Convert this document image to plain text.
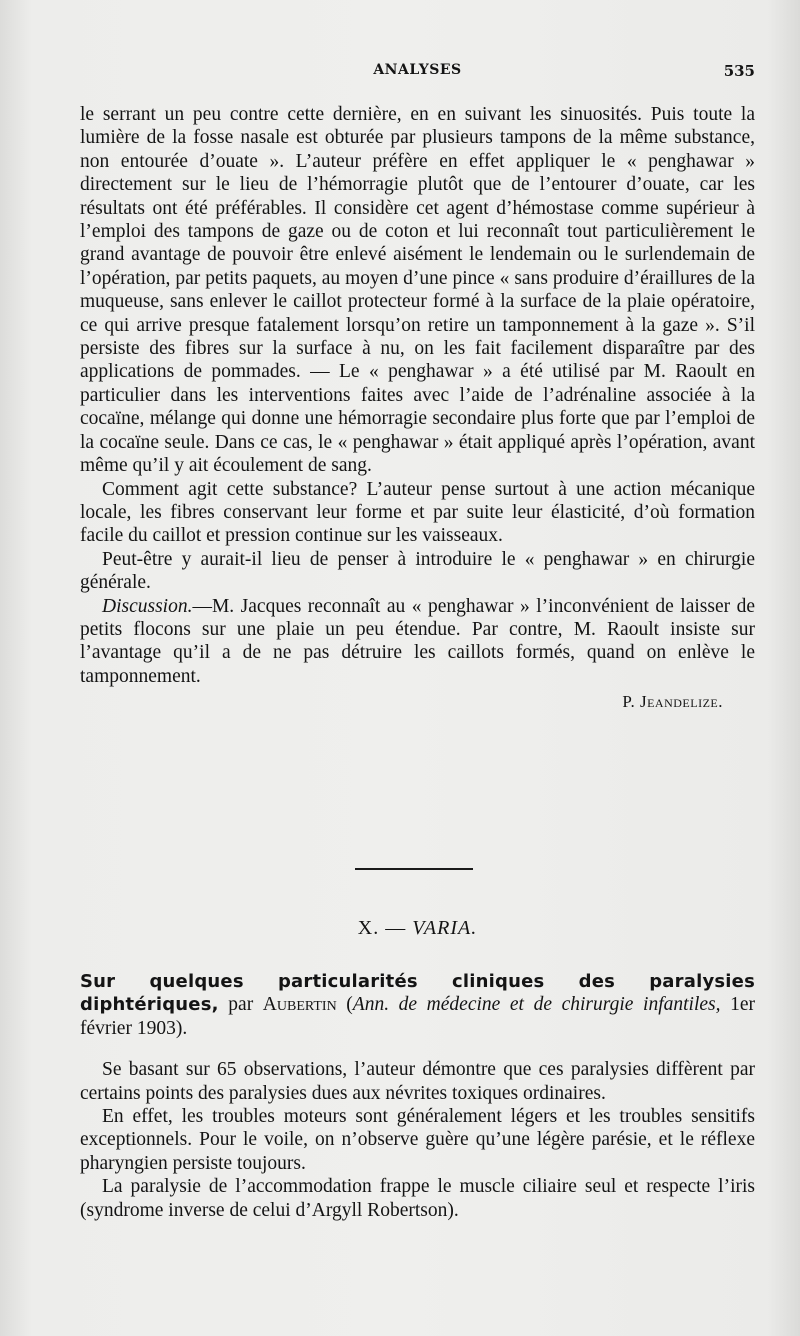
ANALYSES	535

le serrant un peu contre cette dernière, en en suivant les sinuosités. Puis toute la lumière de la fosse nasale est obturée par plusieurs tampons de la même substance, non entourée d’ouate ». L’auteur préfère en effet appliquer le « penghawar » directement sur le lieu de l’hémorragie plutôt que de l’entourer d’ouate, car les résultats ont été préférables. Il considère cet agent d’hémostase comme supérieur à l’emploi des tampons de gaze ou de coton et lui reconnaît tout particulièrement le grand avantage de pouvoir être enlevé aisément le lendemain ou le surlendemain de l’opération, par petits paquets, au moyen d’une pince « sans produire d’éraillures de la muqueuse, sans enlever le caillot protecteur formé à la surface de la plaie opératoire, ce qui arrive presque fatalement lorsqu’on retire un tamponnement à la gaze ». S’il persiste des fibres sur la surface à nu, on les fait facilement disparaître par des applications de pommades. — Le « penghawar » a été utilisé par M. Raoult en particulier dans les interventions faites avec l’aide de l’adrénaline associée à la cocaïne, mélange qui donne une hémorragie secondaire plus forte que par l’emploi de la cocaïne seule. Dans ce cas, le « penghawar » était appliqué après l’opération, avant même qu’il y ait écoulement de sang.

Comment agit cette substance? L’auteur pense surtout à une action mécanique locale, les fibres conservant leur forme et par suite leur élasticité, d’où formation facile du caillot et pression continue sur les vaisseaux.

Peut-être y aurait-il lieu de penser à introduire le « penghawar » en chirurgie générale.

Discussion.—M. Jacques reconnaît au « penghawar » l’inconvénient de laisser de petits flocons sur une plaie un peu étendue. Par contre, M. Raoult insiste sur l’avantage qu’il a de ne pas détruire les caillots formés, quand on enlève le tamponnement.

P. Jeandelize.
X. — VARIA.

Sur quelques particularités cliniques des paralysies diphtériques, par Aubertin (Ann. de médecine et de chirurgie infantiles, 1er février 1903).

Se basant sur 65 observations, l’auteur démontre que ces paralysies diffèrent par certains points des paralysies dues aux névrites toxiques ordinaires.

En effet, les troubles moteurs sont généralement légers et les troubles sensitifs exceptionnels. Pour le voile, on n’observe guère qu’une légère parésie, et le réflexe pharyngien persiste toujours.

La paralysie de l’accommodation frappe le muscle ciliaire seul et respecte l’iris (syndrome inverse de celui d’Argyll Robertson).
